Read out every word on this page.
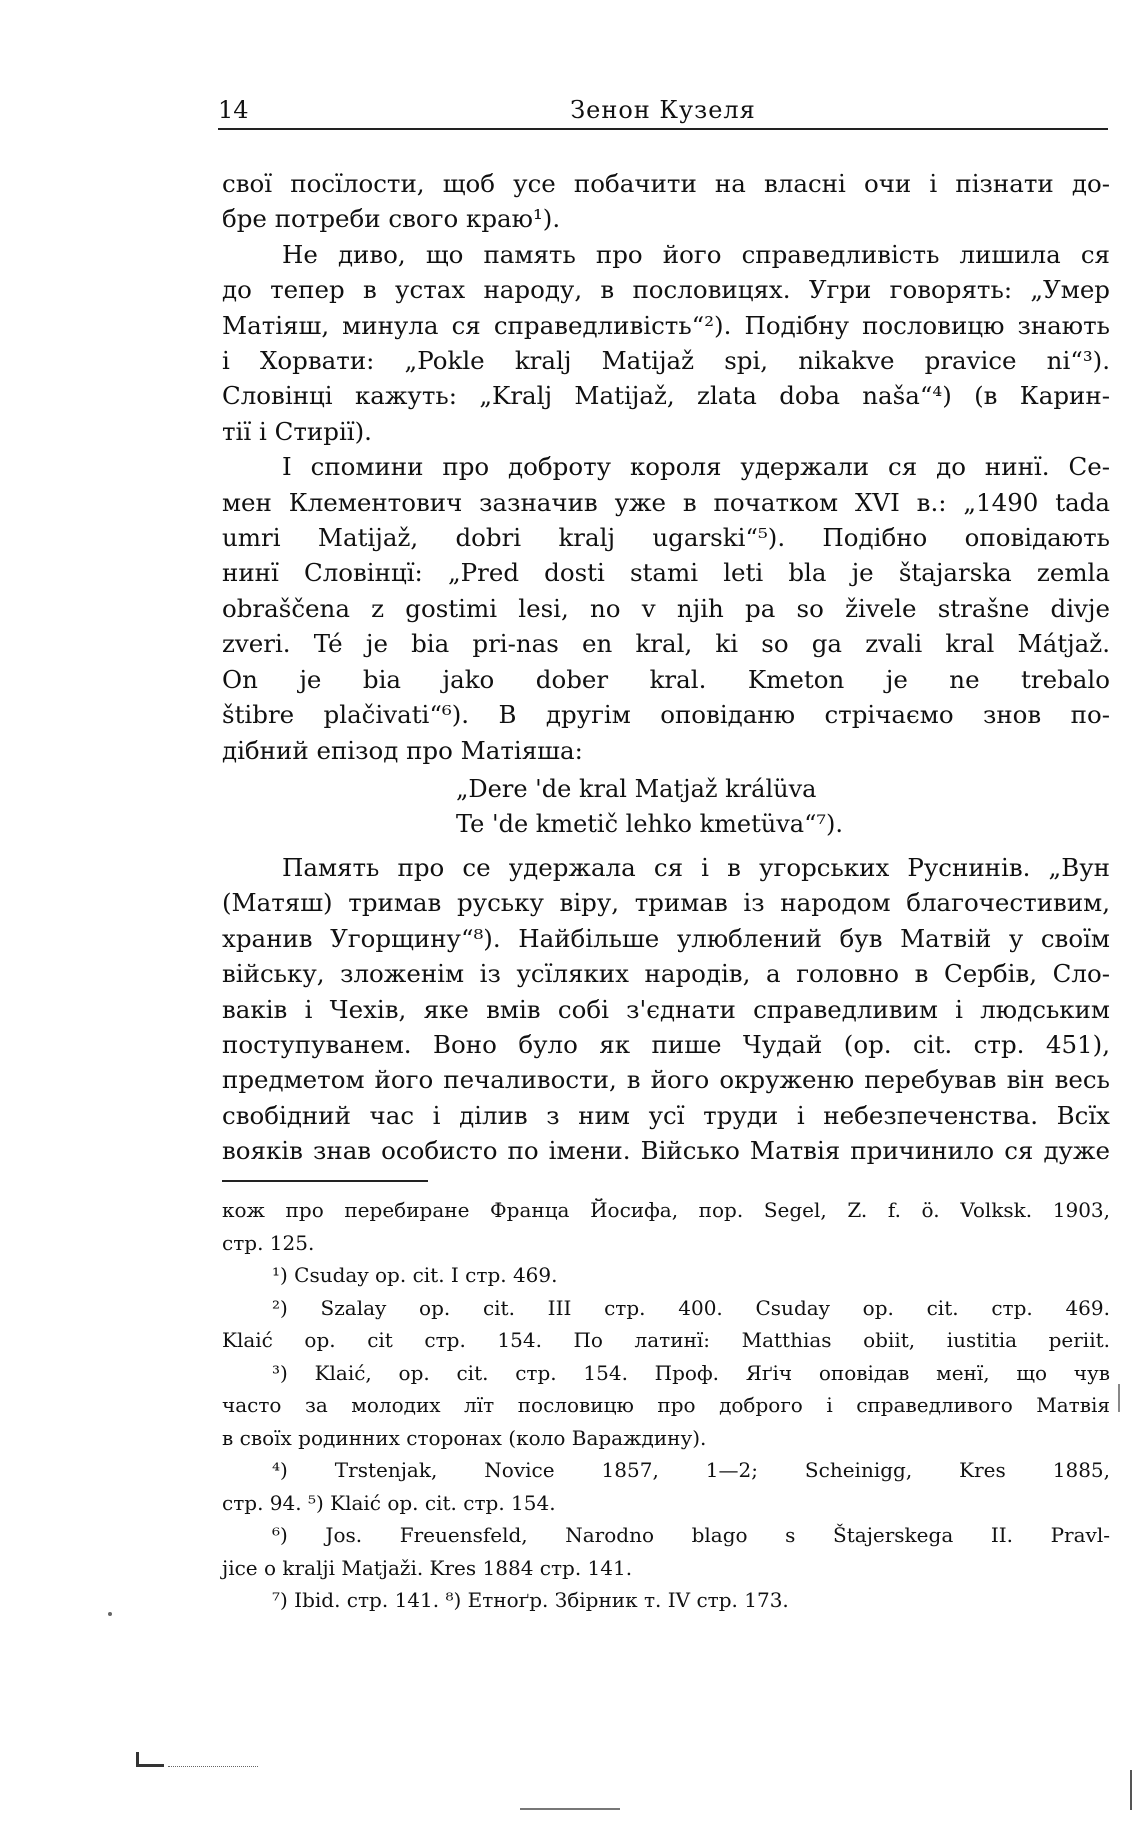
14	Зенон Кузеля
свої посїлости, щоб усе побачити на власні очи і пізнати до-
бре потреби свого краю¹).
Не диво, що память про його справедливість лишила ся
до тепер в устах народу, в пословицях. Угри говорять: „Умер
Матіяш, минула ся справедливість“²). Подібну пословицю знають
і Хорвати: „Pokle kralj Matijaž spi, nikakve pravice ni“³).
Словінці кажуть: „Kralj Matijaž, zlata doba naša“⁴) (в Карин-
тії і Стирії).
І спомини про доброту короля удержали ся до нинї. Се-
мен Клементович зазначив уже в початком XVI в.: „1490 tada
umri Matijaž, dobri kralj ugarski“⁵). Подібно оповідають
нинї Словінцї: „Pred dosti stami leti bla je štajarska zemla
obraščena z gostimi lesi, no v njih pa so živele strašne divje
zveri. Té je bia pri-nas en kral, ki so ga zvali kral Mátjaž.
On je bia jako dober kral. Kmeton je ne trebalo
štibre plačivati“⁶). В другім оповіданю стрічаємо знов по-
дібний епізод про Матіяша:
„Dere 'de kral Matjaž králüva
Te 'de kmetič lehko kmetüva“⁷).
Память про се удержала ся і в угорських Руснинів. „Вун
(Матяш) тримав руську віру, тримав із народом благочестивим,
хранив Угорщину“⁸). Найбільше улюблений був Матвій у своїм
війську, зложенім із усїляких народів, а головно в Сербів, Сло-
ваків і Чехів, яке вмів собі з'єднати справедливим і людським
поступуванем. Воно було як пише Чудай (op. cit. стр. 451),
предметом його печаливости, в його окруженю перебував він весь
свобідний час і ділив з ним усї труди і небезпеченства. Всїх
вояків знав особисто по імени. Військо Матвія причинило ся дуже
кож про перебиране Франца Йосифа, пор. Segel, Z. f. ö. Volksk. 1903,
стр. 125.
¹) Csuday op. cit. I стр. 469.
²) Szalay op. cit. III стр. 400. Csuday op. cit. стр. 469.
Klaić op. cit стр. 154. По латинї: Matthias obiit, iustitia periit.
³) Klaić, op. cit. стр. 154. Проф. Яґіч оповідав менї, що чув
часто за молодих лїт пословицю про доброго і справедливого Матвія
в своїх родинних сторонах (коло Вараждину).
⁴) Trstenjak, Novice 1857, 1—2; Scheinigg, Kres 1885,
стр. 94. ⁵) Klaić op. cit. стр. 154.
⁶) Jos. Freuensfeld, Narodno blago s Štajerskega II. Pravl-
jice o kralji Matjaži. Kres 1884 стр. 141.
⁷) Ibid. стр. 141. ⁸) Етноґр. Збірник т. IV стр. 173.
